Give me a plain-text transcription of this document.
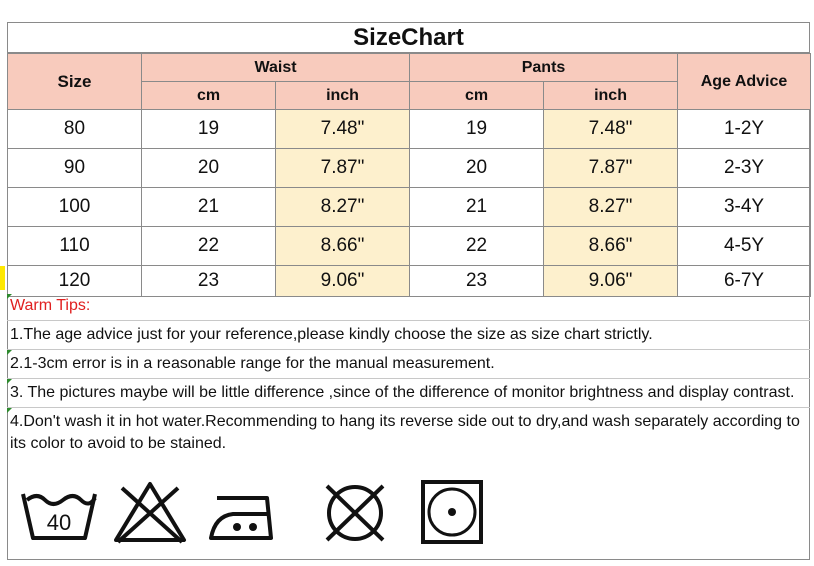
SizeChart
Size	Waist		Pants		Age Advice
	cm	inch	cm	inch	
80	19	7.48"	19	7.48"	1-2Y
90	20	7.87"	20	7.87"	2-3Y
100	21	8.27"	21	8.27"	3-4Y
110	22	8.66"	22	8.66"	4-5Y
120	23	9.06"	23	9.06"	6-7Y
Warm Tips:
1.The age advice just for your reference,please kindly choose the size as size chart strictly.
2.1-3cm error is in a reasonable range for the manual measurement.
3. The pictures maybe will be little difference ,since of the difference of monitor brightness and display contrast.
4.Don't wash it in hot water.Recommending to hang its reverse side out to dry,and wash separately according to its color to avoid to be stained.
40
